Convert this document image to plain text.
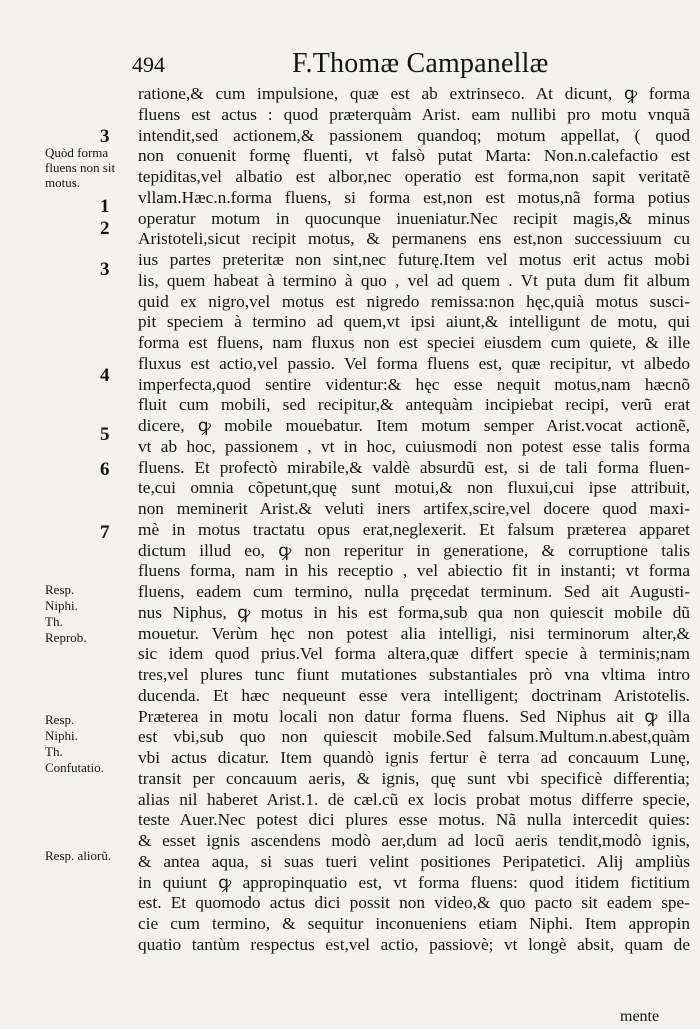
494	F.Thomæ Campanellæ
Quòd forma
fluens non sit
motus.
Resp.
Niphi.
Th.
Reprob.
Resp.
Niphi.
Th.
Confutatio.
Resp. aliorũ.
3
1
2
3
4
5
6
7
ratione,& cum impulsione, quæ est ab extrinseco. At dicunt, ꝙ forma
fluens est actus : quod præterquàm Arist. eam nullibi pro motu vnquã
intendit,sed actionem,& passionem quandoq; motum appellat, ( quod
non conuenit formę fluenti, vt falsò putat Marta: Non.n.calefactio est
tepiditas,vel albatio est albor,nec operatio est forma,non sapit veritatẽ
vllam.Hæc.n.forma fluens, si forma est,non est motus,nã forma potius
operatur motum in quocunque inueniatur.Nec recipit magis,& minus
Aristoteli,sicut recipit motus, & permanens ens est,non successiuum cu
ius partes preteritæ non sint,nec futurę.Item vel motus erit actus mobi
lis, quem habeat à termino à quo , vel ad quem . Vt puta dum fit album
quid ex nigro,vel motus est nigredo remissa:non hęc,quià motus susci-
pit speciem à termino ad quem,vt ipsi aiunt,& intelligunt de motu, qui
forma est fluens, nam fluxus non est speciei eiusdem cum quiete, & ille
fluxus est actio,vel passio. Vel forma fluens est, quæ recipitur, vt albedo
imperfecta,quod sentire videntur:& hęc esse nequit motus,nam hæcnõ
fluit cum mobili, sed recipitur,& antequàm incipiebat recipi, verũ erat
dicere, ꝙ mobile mouebatur. Item motum semper Arist.vocat actionẽ,
vt ab hoc, passionem , vt in hoc, cuiusmodi non potest esse talis forma
fluens. Et profectò mirabile,& valdè absurdũ est, si de tali forma fluen-
te,cui omnia cõpetunt,quę sunt motui,& non fluxui,cui ipse attribuit,
non meminerit Arist.& veluti iners artifex,scire,vel docere quod maxi-
mè in motus tractatu opus erat,neglexerit. Et falsum præterea apparet
dictum illud eo, ꝙ non reperitur in generatione, & corruptione talis
fluens forma, nam in his receptio , vel abiectio fit in instanti; vt forma
fluens, eadem cum termino, nulla pręcedat terminum. Sed ait Augusti-
nus Niphus, ꝙ motus in his est forma,sub qua non quiescit mobile dũ
mouetur. Verùm hęc non potest alia intelligi, nisi terminorum alter,&
sic idem quod prius.Vel forma altera,quæ differt specie à terminis;nam
tres,vel plures tunc fiunt mutationes substantiales prò vna vltima intro
ducenda. Et hæc nequeunt esse vera intelligent; doctrinam Aristotelis.
Præterea in motu locali non datur forma fluens. Sed Niphus ait ꝙ illa
est vbi,sub quo non quiescit mobile.Sed falsum.Multum.n.abest,quàm
vbi actus dicatur. Item quandò ignis fertur è terra ad concauum Lunę,
transit per concauum aeris, & ignis, quę sunt vbi specificè differentia;
alias nil haberet Arist.1. de cæl.cũ ex locis probat motus differre specie,
teste Auer.Nec potest dici plures esse motus. Nã nulla intercedit quies:
& esset ignis ascendens modò aer,dum ad locũ aeris tendit,modò ignis,
& antea aqua, si suas tueri velint positiones Peripatetici. Alij ampliùs
in quiunt ꝙ appropinquatio est, vt forma fluens: quod itidem fictitium
est. Et quomodo actus dici possit non video,& quo pacto sit eadem spe-
cie cum termino, & sequitur inconueniens etiam Niphi. Item appropin
quatio tantùm respectus est,vel actio, passiovè; vt longè absit, quam de
mente
